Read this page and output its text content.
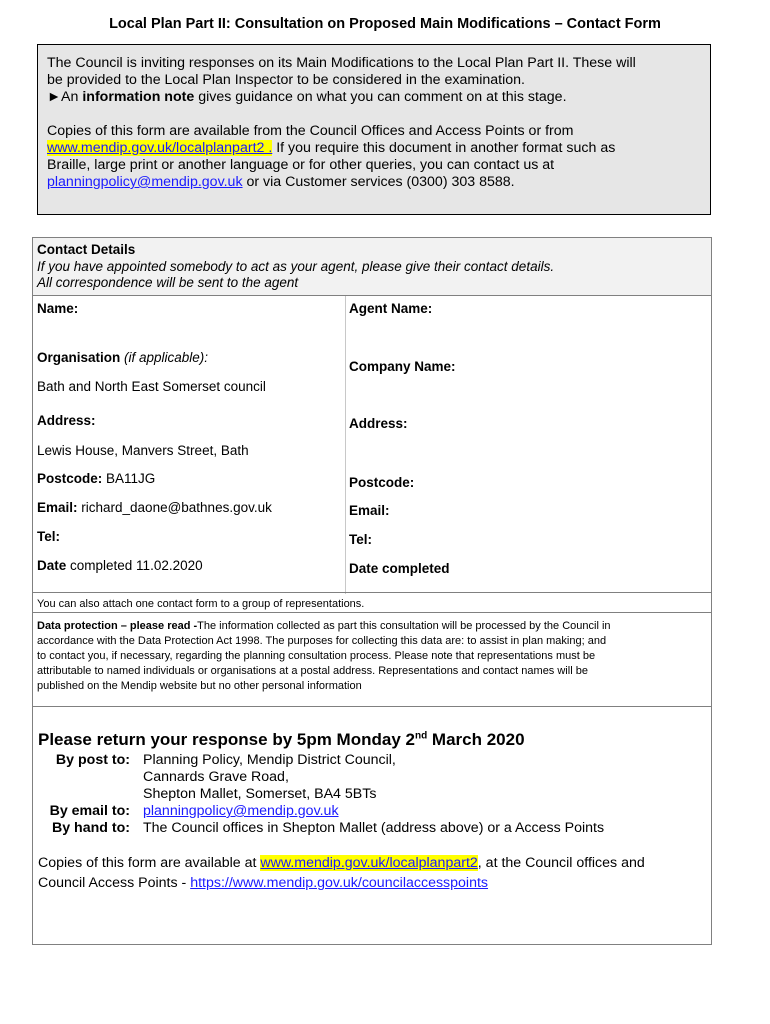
Local Plan Part II: Consultation on Proposed Main Modifications – Contact Form

The Council is inviting responses on its Main Modifications to the Local Plan Part II. These will

be provided to the Local Plan Inspector to be considered in the examination.

►An information note gives guidance on what you can comment on at this stage.

Copies of this form are available from the Council Offices and Access Points or from

www.mendip.gov.uk/localplanpart2 . If you require this document in another format such as

Braille, large print or another language or for other queries, you can contact us at

planningpolicy@mendip.gov.uk or via Customer services (0300) 303 8588.

Contact Details
If you have appointed somebody to act as your agent, please give their contact details.
All correspondence will be sent to the agent
Name:
Organisation (if applicable):
Bath and North East Somerset council
Address:
Lewis House, Manvers Street, Bath
Postcode: BA11JG
Email: richard_daone@bathnes.gov.uk
Tel:
Date completed 11.02.2020
Agent Name:
Company Name:
Address:
Postcode:
Email:
Tel:
Date completed
You can also attach one contact form to a group of representations.
Data protection – please read -The information collected as part this consultation will be processed by the Council in
accordance with the Data Protection Act 1998. The purposes for collecting this data are: to assist in plan making; and
to contact you, if necessary, regarding the planning consultation process. Please note that representations must be
attributable to named individuals or organisations at a postal address. Representations and contact names will be
published on the Mendip website but no other personal information
Please return your response by 5pm Monday 2nd March 2020
By post to: Planning Policy, Mendip District Council,
Cannards Grave Road,
Shepton Mallet, Somerset, BA4 5BTs
By email to: planningpolicy@mendip.gov.uk
By hand to: The Council offices in Shepton Mallet (address above) or a Access Points
Copies of this form are available at www.mendip.gov.uk/localplanpart2, at the Council offices and
Council Access Points - https://www.mendip.gov.uk/councilaccesspoints
